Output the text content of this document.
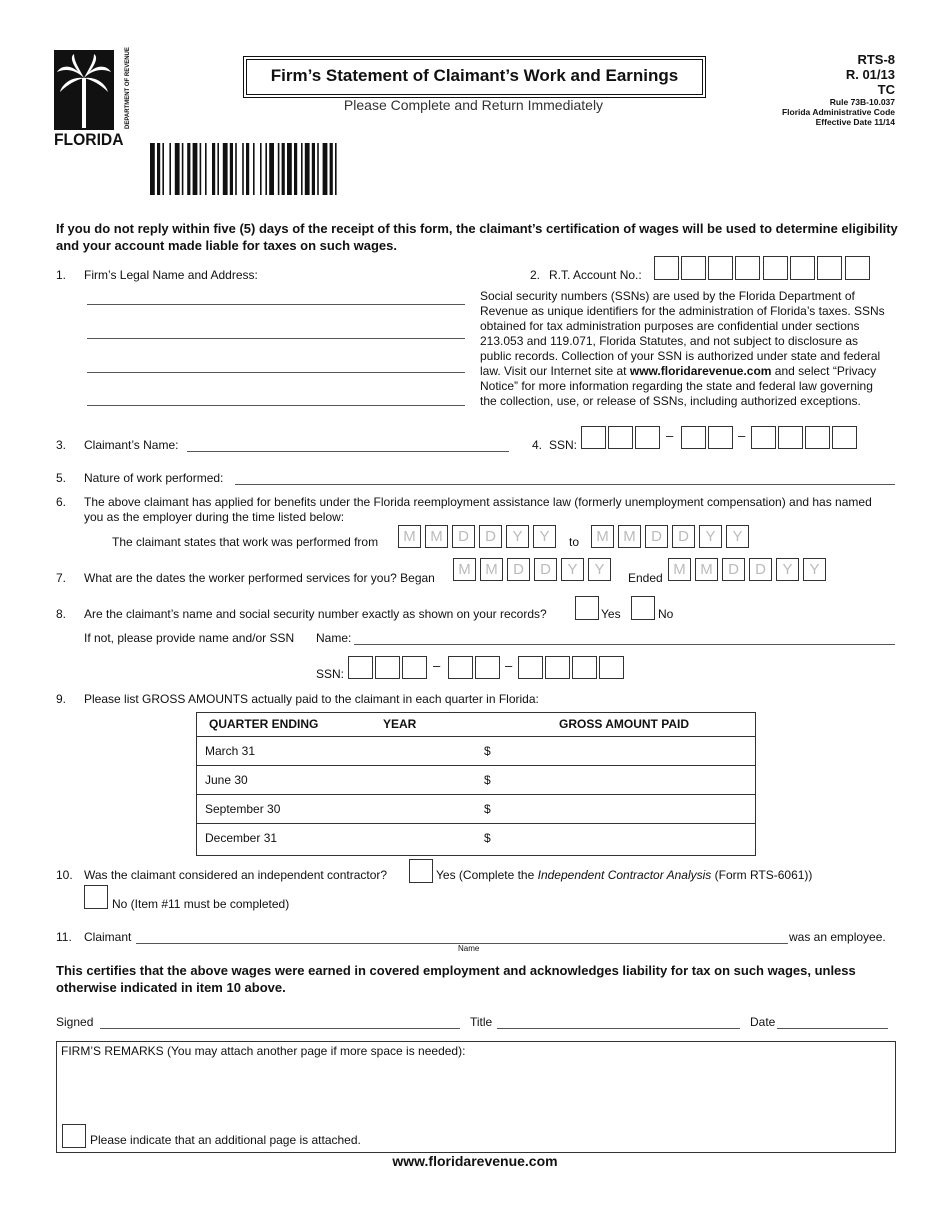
DEPARTMENT OF REVENUE
FLORIDA
Firm’s Statement of Claimant’s Work and Earnings
Please Complete and Return Immediately
RTS-8
R. 01/13
TC
Rule 73B-10.037
Florida Administrative Code
Effective Date 11/14
If you do not reply within five (5) days of the receipt of this form, the claimant’s certification of wages will be used to determine eligibility and your account made liable for taxes on such wages.
1. Firm’s Legal Name and Address:	2. R.T. Account No.:
Social security numbers (SSNs) are used by the Florida Department of Revenue as unique identifiers for the administration of Florida’s taxes. SSNs obtained for tax administration purposes are confidential under sections 213.053 and 119.071, Florida Statutes, and not subject to disclosure as public records. Collection of your SSN is authorized under state and federal law. Visit our Internet site at www.floridarevenue.com and select “Privacy Notice” for more information regarding the state and federal law governing the collection, use, or release of SSNs, including authorized exceptions.
3. Claimant’s Name:	4. SSN:
–	–
5. Nature of work performed:
6. The above claimant has applied for benefits under the Florida reemployment assistance law (formerly unemployment compensation) and has named you as the employer during the time listed below:
The claimant states that work was performed from	to
M M	D	D	Y	Y	M M	D	D	Y	Y
7. What are the dates the worker performed services for you? Began	M M	D	D	Y	Y	Ended M M	D	D	Y	Y
8. Are the claimant’s name and social security number exactly as shown on your records?	Yes	No
If not, please provide name and/or SSN Name:
SSN:
–	–
9. Please list GROSS AMOUNTS actually paid to the claimant in each quarter in Florida:
QUARTER ENDING	YEAR	GROSS AMOUNT PAID
March 31	$
June 30	$
September 30	$
December 31	$
10. Was the claimant considered an independent contractor?	Yes (Complete the Independent Contractor Analysis (Form RTS-6061))
No (Item #11 must be completed)
11. Claimant	was an employee.
Name
This certifies that the above wages were earned in covered employment and acknowledges liability for tax on such wages, unless otherwise indicated in item 10 above.
Signed	Title	Date
FIRM’S REMARKS (You may attach another page if more space is needed):
Please indicate that an additional page is attached.
www.floridarevenue.com
